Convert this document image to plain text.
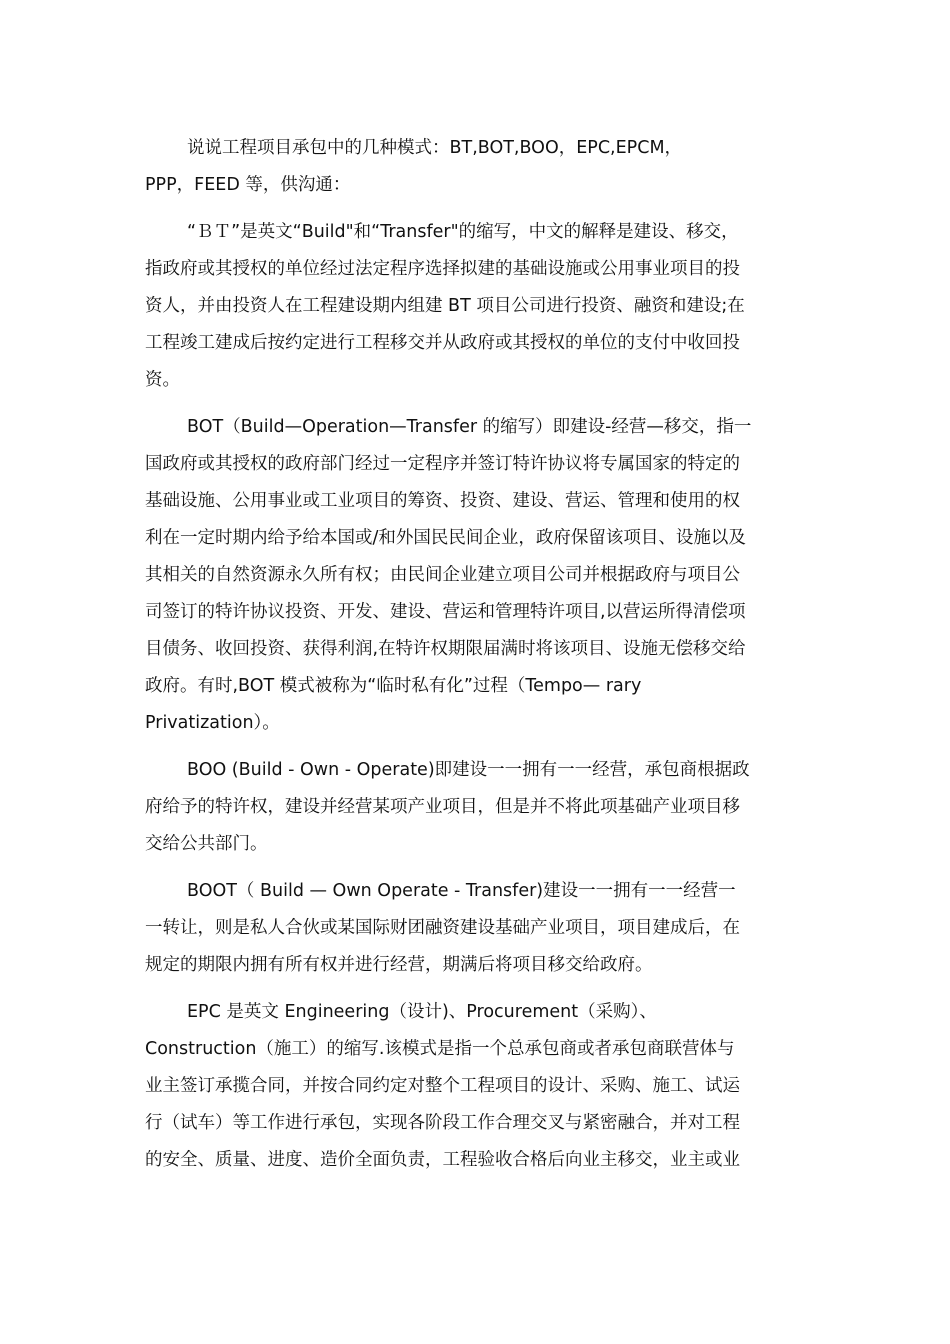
说说工程项目承包中的几种模式：BT,BOT,BOO，EPC,EPCM，
PPP，FEED 等，供沟通：

“ＢＴ”是英文“Build"和“Transfer"的缩写，中文的解释是建设、移交，
指政府或其授权的单位经过法定程序选择拟建的基础设施或公用事业项目的投
资人，并由投资人在工程建设期内组建 BT 项目公司进行投资、融资和建设;在
工程竣工建成后按约定进行工程移交并从政府或其授权的单位的支付中收回投
资。

BOT（Build—Operation—Transfer 的缩写）即建设-经营—移交，指一
国政府或其授权的政府部门经过一定程序并签订特许协议将专属国家的特定的
基础设施、公用事业或工业项目的筹资、投资、建设、营运、管理和使用的权
利在一定时期内给予给本国或/和外国民民间企业，政府保留该项目、设施以及
其相关的自然资源永久所有权；由民间企业建立项目公司并根据政府与项目公
司签订的特许协议投资、开发、建设、营运和管理特许项目,以营运所得清偿项
目债务、收回投资、获得利润,在特许权期限届满时将该项目、设施无偿移交给
政府。有时,BOT 模式被称为“临时私有化”过程（Tempo— rary
Privatization）。

BOO (Build - Own - Operate)即建设一一拥有一一经营，承包商根据政
府给予的特许权，建设并经营某项产业项目，但是并不将此项基础产业项目移
交给公共部门。

BOOT（ Build — Own Operate - Transfer)建设一一拥有一一经营一
一转让，则是私人合伙或某国际财团融资建设基础产业项目，项目建成后，在
规定的期限内拥有所有权并进行经营，期满后将项目移交给政府。

EPC 是英文 Engineering（设计)、Procurement（采购）、
Construction（施工）的缩写.该模式是指一个总承包商或者承包商联营体与
业主签订承揽合同，并按合同约定对整个工程项目的设计、采购、施工、试运
行（试车）等工作进行承包，实现各阶段工作合理交叉与紧密融合，并对工程
的安全、质量、进度、造价全面负责，工程验收合格后向业主移交，业主或业
